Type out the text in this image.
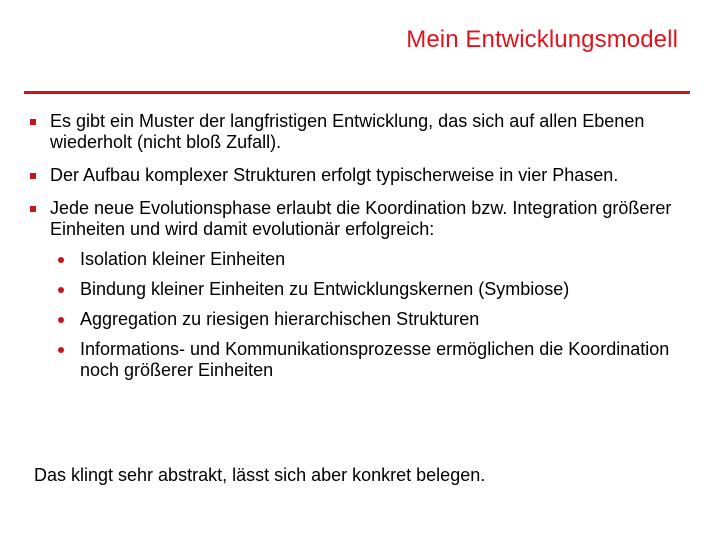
Mein Entwicklungsmodell
Es gibt ein Muster der langfristigen Entwicklung, das sich auf allen Ebenen wiederholt (nicht bloß Zufall).
Der Aufbau komplexer Strukturen erfolgt typischerweise in vier Phasen.
Jede neue Evolutionsphase erlaubt die Koordination bzw. Integration größerer Einheiten und wird damit evolutionär erfolgreich:
Isolation kleiner Einheiten
Bindung kleiner Einheiten zu Entwicklungskernen (Symbiose)
Aggregation zu riesigen hierarchischen Strukturen
Informations- und Kommunikationsprozesse ermöglichen die Koordination noch größerer Einheiten
Das klingt sehr abstrakt, lässt sich aber konkret belegen.
